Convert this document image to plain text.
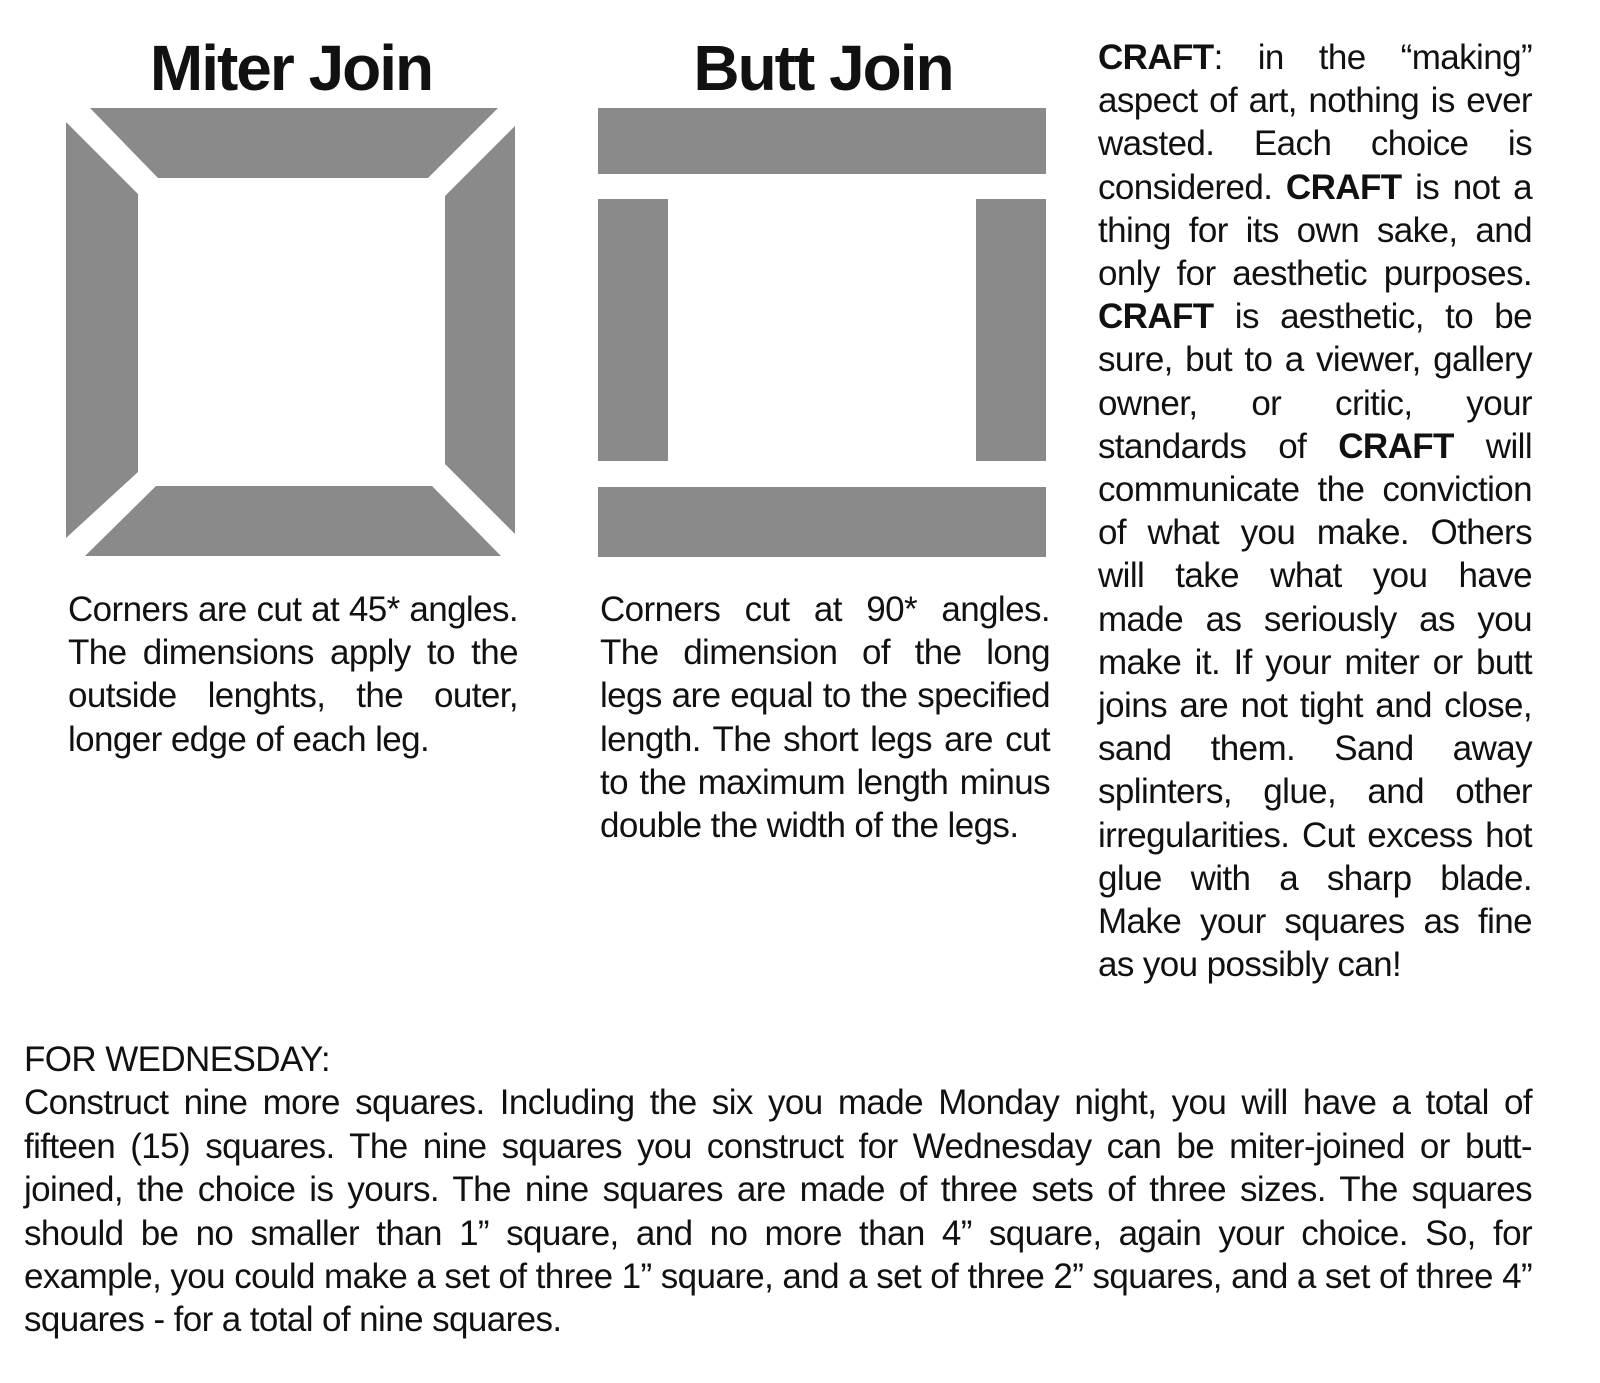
Miter Join	Butt Join

Corners are cut at 45* angles. The dimensions apply to the outside lenghts, the outer, longer edge of each leg.

Corners cut at 90* angles. The dimension of the long legs are equal to the specified length. The short legs are cut to the maximum length minus double the width of the legs.

CRAFT: in the “making” aspect of art, nothing is ever wasted. Each choice is considered. CRAFT is not a thing for its own sake, and only for aesthetic purposes. CRAFT is aesthetic, to be sure, but to a viewer, gallery owner, or critic, your standards of CRAFT will communicate the conviction of what you make. Others will take what you have made as seriously as you make it. If your miter or butt joins are not tight and close, sand them. Sand away splinters, glue, and other irregularities. Cut excess hot glue with a sharp blade. Make your squares as fine as you possibly can!

FOR WEDNESDAY:
Construct nine more squares. Including the six you made Monday night, you will have a total of fifteen (15) squares. The nine squares you construct for Wednesday can be miter-joined or butt-joined, the choice is yours. The nine squares are made of three sets of three sizes. The squares should be no smaller than 1” square, and no more than 4” square, again your choice. So, for example, you could make a set of three 1” square, and a set of three 2” squares, and a set of three 4” squares - for a total of nine squares.
